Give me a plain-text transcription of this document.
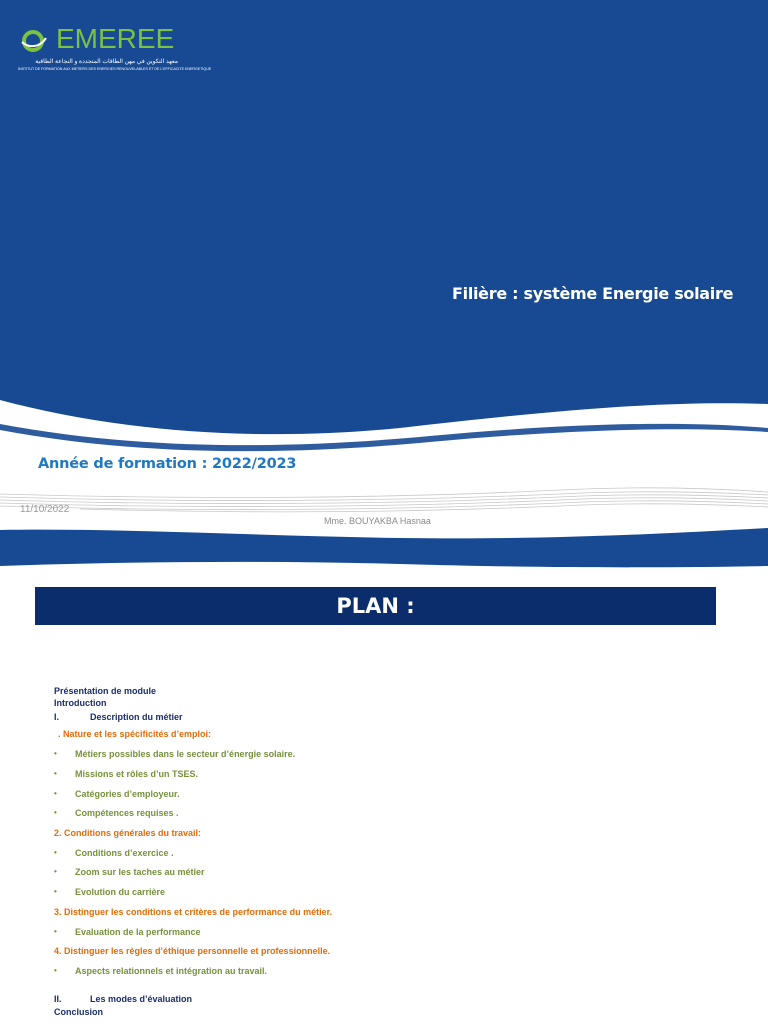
EMEREE
معهد التكوين في مهن الطاقات المتجددة و النجاعة الطاقية
INSTITUT DE FORMATION AUX METIERS DES ENERGIES RENOUVELABLES ET DE L'EFFICACITE ENERGETIQUE
Filière : système Energie solaire
Année de formation : 2022/2023
11/10/2022
Mme. BOUYAKBA Hasnaa
PLAN :
Présentation de module
Introduction
I.	Description du métier
. Nature et les spécificités d’emploi:
• Métiers possibles dans le secteur d’énergie solaire.
• Missions et rôles d’un TSES.
• Catégories d’employeur.
• Compétences requises .
2. Conditions générales du travail:
• Conditions d’exercice .
• Zoom sur les taches au métier
• Evolution du carrière
3. Distinguer les conditions et critères de performance du métier.
• Evaluation de la performance
4. Distinguer les règles d’éthique personnelle et professionnelle.
• Aspects relationnels et intégration au travail.
II.	Les modes d’évaluation
Conclusion
